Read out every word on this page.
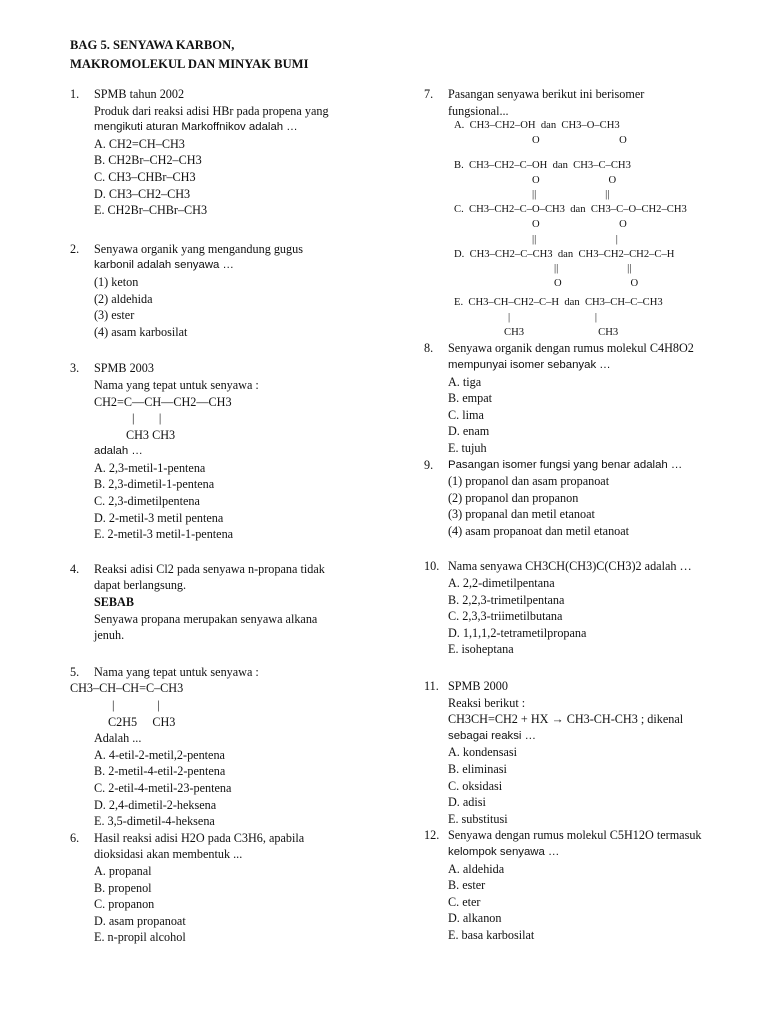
BAG 5. SENYAWA KARBON,
MAKROMOLEKUL DAN MINYAK BUMI
1. SPMB tahun 2002
Produk dari reaksi adisi HBr pada propena yang
mengikuti aturan Markoffnikov adalah …
A. CH2=CH–CH3
B. CH2Br–CH2–CH3
C. CH3–CHBr–CH3
D. CH3–CH2–CH3
E. CH2Br–CHBr–CH3
2. Senyawa organik yang mengandung gugus
karbonil adalah senyawa …
(1) keton
(2) aldehida
(3) ester
(4) asam karbosilat
3. SPMB 2003
Nama yang tepat untuk senyawa :
CH2=C—CH—CH2—CH3
|        |
CH3 CH3
adalah …
A. 2,3-metil-1-pentena
B. 2,3-dimetil-1-pentena
C. 2,3-dimetilpentena
D. 2-metil-3 metil pentena
E. 2-metil-3 metil-1-pentena
4. Reaksi adisi Cl2 pada senyawa n-propana tidak
dapat berlangsung.
SEBAB
Senyawa propana merupakan senyawa alkana
jenuh.
5. Nama yang tepat untuk senyawa :
CH3–CH–CH=C–CH3
|              |
C2H5     CH3
Adalah ...
A. 4-etil-2-metil,2-pentena
B. 2-metil-4-etil-2-pentena
C. 2-etil-4-metil-23-pentena
D. 2,4-dimetil-2-heksena
E. 3,5-dimetil-4-heksena
6. Hasil reaksi adisi H2O pada C3H6, apabila
dioksidasi akan membentuk ...
A. propanal
B. propenol
C. propanon
D. asam propanoat
E. n-propil alcohol
7. Pasangan senyawa berikut ini berisomer
fungsional...
A.  CH3–CH2–OH  dan  CH3–O–CH3
O                              O
B.  CH3–CH2–C–OH  dan  CH3–C–CH3
O                          O
||                          ||
C.  CH3–CH2–C–O–CH3  dan  CH3–C–O–CH2–CH3
O                              O
||                              |
D.  CH3–CH2–C–CH3  dan  CH3–CH2–CH2–C–H
||                          ||
O                          O
E.  CH3–CH–CH2–C–H  dan  CH3–CH–C–CH3
|                                |
CH3                            CH3
8. Senyawa organik dengan rumus molekul C4H8O2
mempunyai isomer sebanyak …
A. tiga
B. empat
C. lima
D. enam
E. tujuh
9. Pasangan isomer fungsi yang benar adalah …
(1) propanol dan asam propanoat
(2) propanol dan propanon
(3) propanal dan metil etanoat
(4) asam propanoat dan metil etanoat
10. Nama senyawa CH3CH(CH3)C(CH3)2 adalah …
A. 2,2-dimetilpentana
B. 2,2,3-trimetilpentana
C. 2,3,3-triimetilbutana
D. 1,1,1,2-tetrametilpropana
E. isoheptana
11. SPMB 2000
Reaksi berikut :
CH3CH=CH2 + HX → CH3-CH-CH3 ; dikenal
sebagai reaksi …
A. kondensasi
B. eliminasi
C. oksidasi
D. adisi
E. substitusi
12. Senyawa dengan rumus molekul C5H12O termasuk
kelompok senyawa …
A. aldehida
B. ester
C. eter
D. alkanon
E. basa karbosilat
